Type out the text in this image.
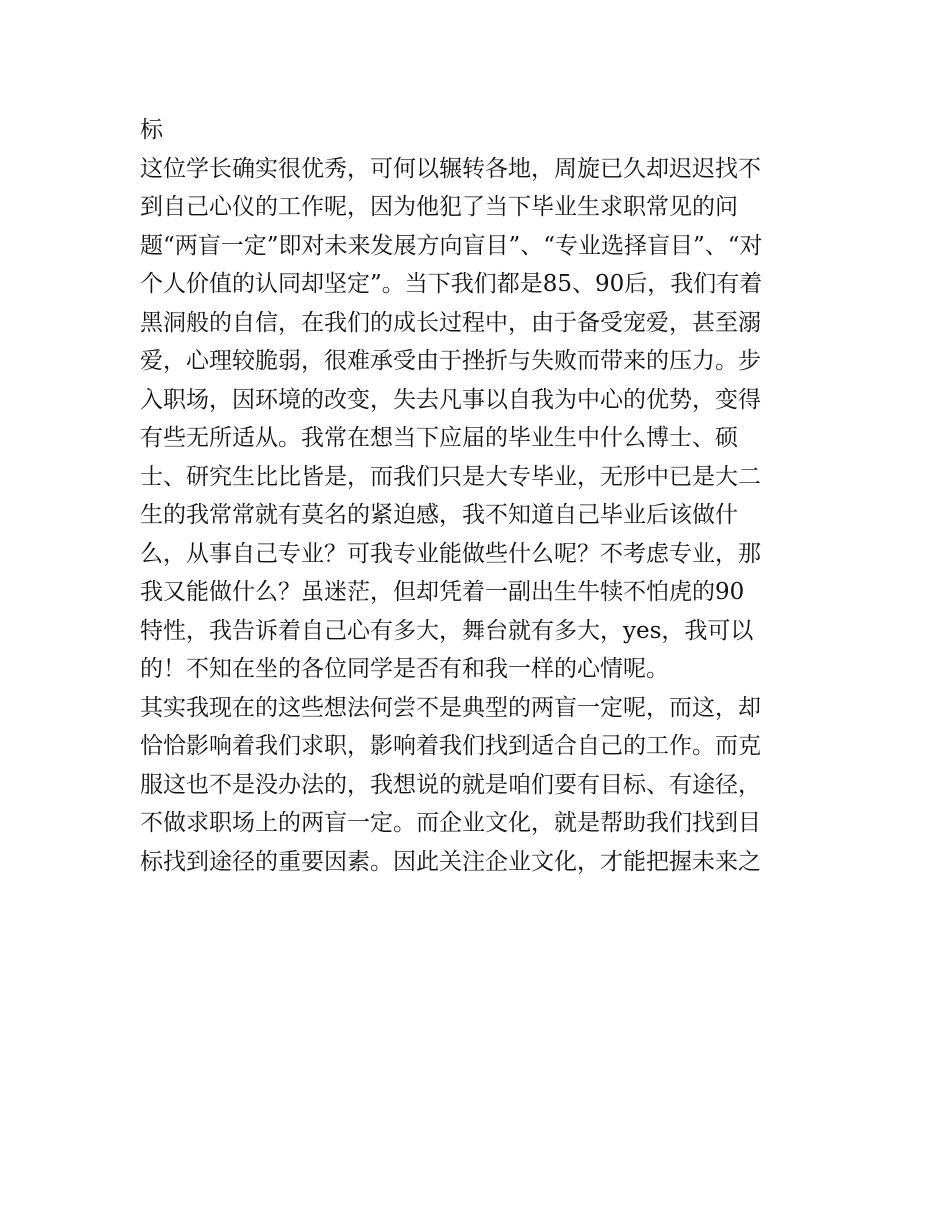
标
这位学长确实很优秀，可何以辗转各地，周旋已久却迟迟找不
到自己心仪的工作呢，因为他犯了当下毕业生求职常见的问
题“两盲一定”即对未来发展方向盲目”、“专业选择盲目”、“对
个人价值的认同却坚定”。当下我们都是85、90后，我们有着
黑洞般的自信，在我们的成长过程中，由于备受宠爱，甚至溺
爱，心理较脆弱，很难承受由于挫折与失败而带来的压力。步
入职场，因环境的改变，失去凡事以自我为中心的优势，变得
有些无所适从。我常在想当下应届的毕业生中什么博士、硕
士、研究生比比皆是，而我们只是大专毕业，无形中已是大二
生的我常常就有莫名的紧迫感，我不知道自己毕业后该做什
么，从事自己专业？可我专业能做些什么呢？不考虑专业，那
我又能做什么？虽迷茫，但却凭着一副出生牛犊不怕虎的90
特性，我告诉着自己心有多大，舞台就有多大，yes，我可以
的！不知在坐的各位同学是否有和我一样的心情呢。
其实我现在的这些想法何尝不是典型的两盲一定呢，而这，却
恰恰影响着我们求职，影响着我们找到适合自己的工作。而克
服这也不是没办法的，我想说的就是咱们要有目标、有途径，
不做求职场上的两盲一定。而企业文化，就是帮助我们找到目
标找到途径的重要因素。因此关注企业文化，才能把握未来之
